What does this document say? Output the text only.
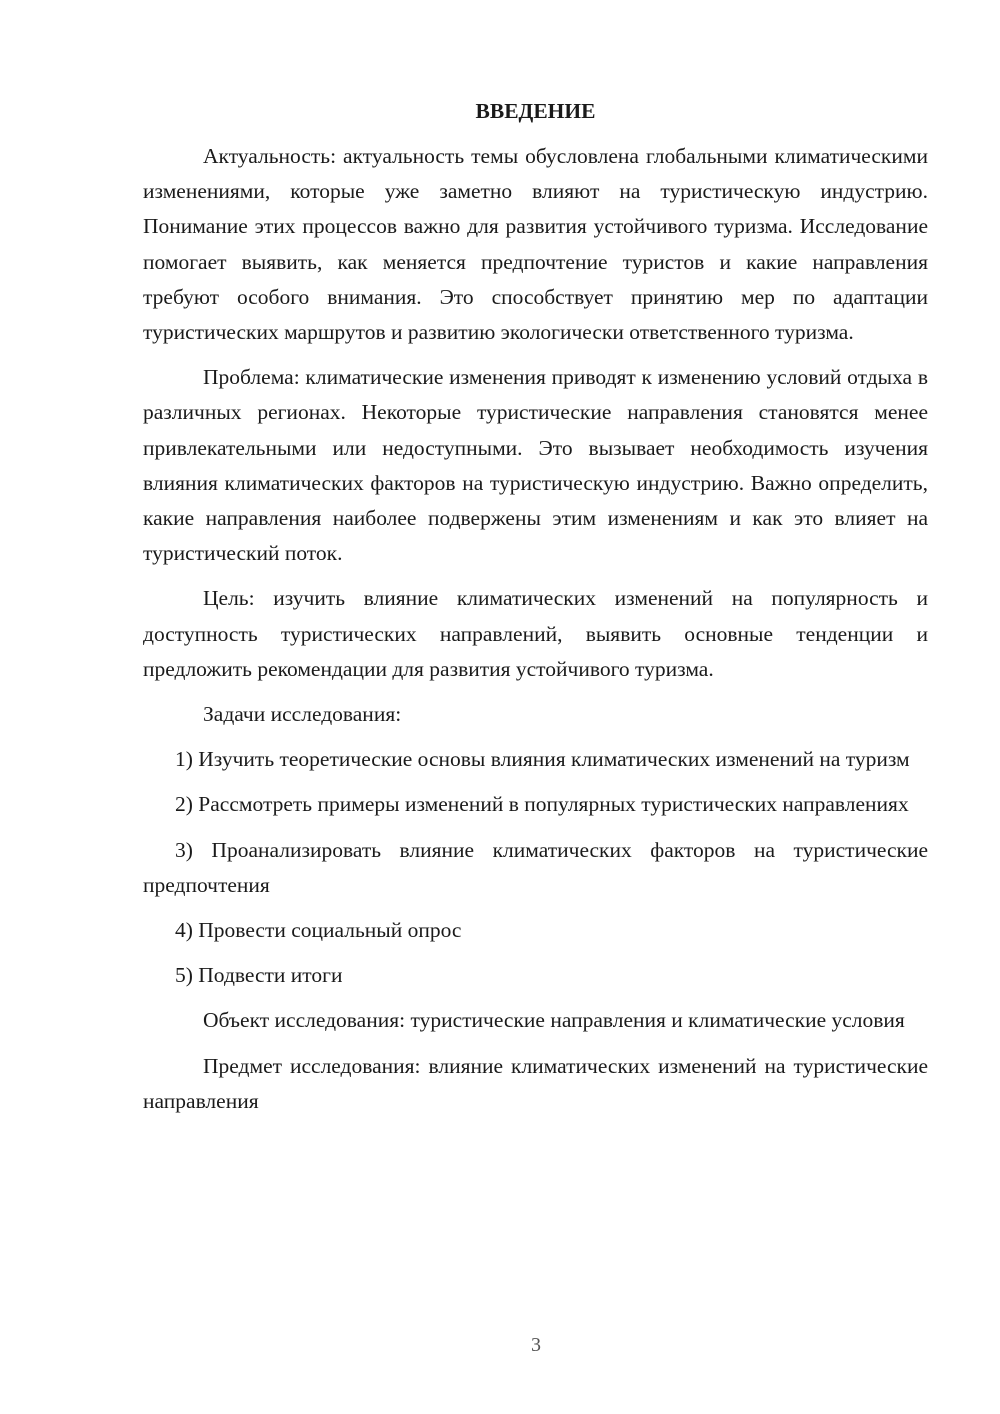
ВВЕДЕНИЕ

Актуальность: актуальность темы обусловлена глобальными климатическими изменениями, которые уже заметно влияют на туристическую индустрию. Понимание этих процессов важно для развития устойчивого туризма. Исследование помогает выявить, как меняется предпочтение туристов и какие направления требуют особого внимания. Это способствует принятию мер по адаптации туристических маршрутов и развитию экологически ответственного туризма.

Проблема: климатические изменения приводят к изменению условий отдыха в различных регионах. Некоторые туристические направления становятся менее привлекательными или недоступными. Это вызывает необходимость изучения влияния климатических факторов на туристическую индустрию. Важно определить, какие направления наиболее подвержены этим изменениям и как это влияет на туристический поток.

Цель: изучить влияние климатических изменений на популярность и доступность туристических направлений, выявить основные тенденции и предложить рекомендации для развития устойчивого туризма.

Задачи исследования:

1) Изучить теоретические основы влияния климатических изменений на туризм

2) Рассмотреть примеры изменений в популярных туристических направлениях

3) Проанализировать влияние климатических факторов на туристические предпочтения

4) Провести социальный опрос

5) Подвести итоги

Объект исследования: туристические направления и климатические условия

Предмет исследования: влияние климатических изменений на туристические направления

3
